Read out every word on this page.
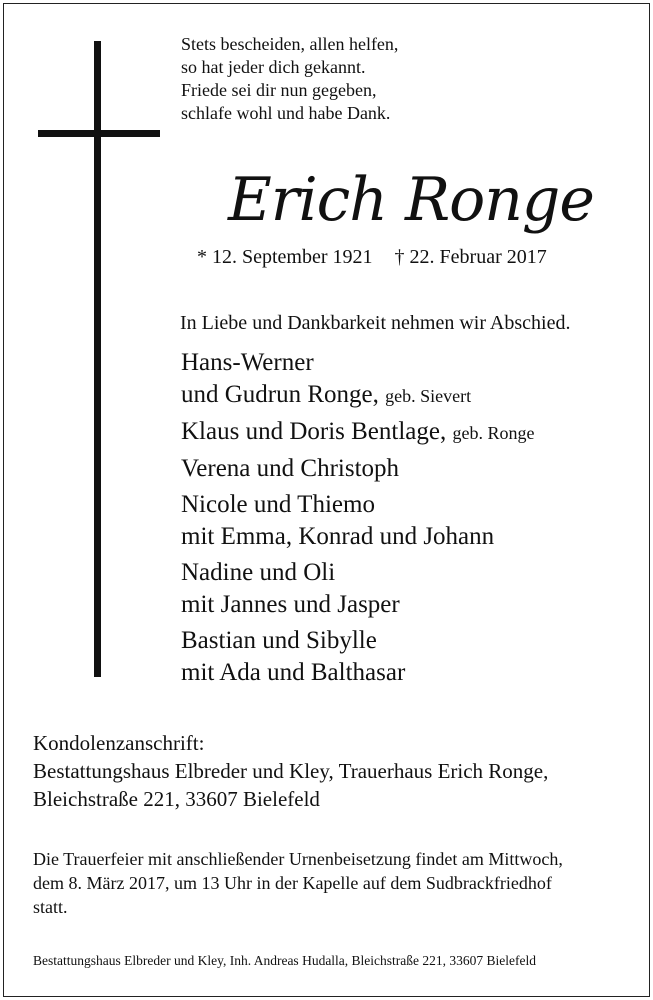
Stets bescheiden, allen helfen,
so hat jeder dich gekannt.
Friede sei dir nun gegeben,
schlafe wohl und habe Dank.
Erich Ronge
* 12. September 1921 † 22. Februar 2017
In Liebe und Dankbarkeit nehmen wir Abschied.
Hans-Werner
und Gudrun Ronge, geb. Sievert
Klaus und Doris Bentlage, geb. Ronge
Verena und Christoph
Nicole und Thiemo
mit Emma, Konrad und Johann
Nadine und Oli
mit Jannes und Jasper
Bastian und Sibylle
mit Ada und Balthasar
Kondolenzanschrift:
Bestattungshaus Elbreder und Kley, Trauerhaus Erich Ronge,
Bleichstraße 221, 33607 Bielefeld
Die Trauerfeier mit anschließender Urnenbeisetzung findet am Mittwoch,
dem 8. März 2017, um 13 Uhr in der Kapelle auf dem Sudbrackfriedhof
statt.
Bestattungshaus Elbreder und Kley, Inh. Andreas Hudalla, Bleichstraße 221, 33607 Bielefeld
